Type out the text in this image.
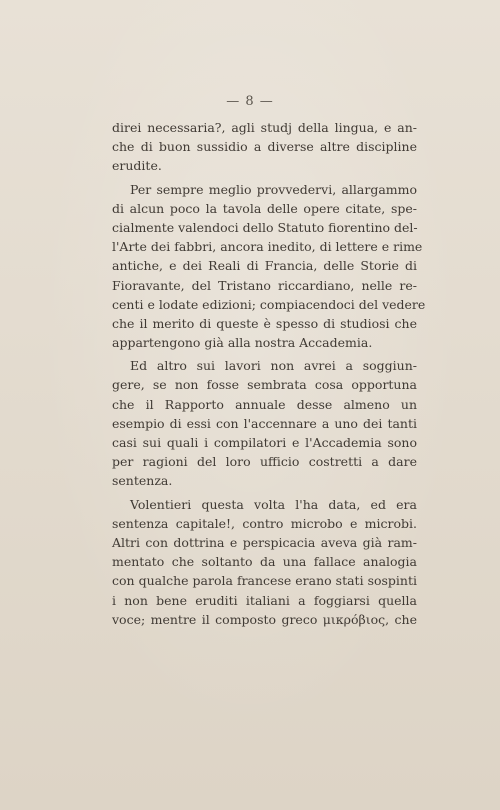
— 8 —
direi necessaria?, agli studj della lingua, e an-
che di buon sussidio a diverse altre discipline
erudite.
Per sempre meglio provvedervi, allargammo
di alcun poco la tavola delle opere citate, spe-
cialmente valendoci dello Statuto fiorentino del-
l'Arte dei fabbri, ancora inedito, di lettere e rime
antiche, e dei Reali di Francia, delle Storie di
Fioravante, del Tristano riccardiano, nelle re-
centi e lodate edizioni; compiacendoci del vedere
che il merito di queste è spesso di studiosi che
appartengono già alla nostra Accademia.
Ed altro sui lavori non avrei a soggiun-
gere, se non fosse sembrata cosa opportuna
che il Rapporto annuale desse almeno un
esempio di essi con l'accennare a uno dei tanti
casi sui quali i compilatori e l'Accademia sono
per ragioni del loro ufficio costretti a dare
sentenza.
Volentieri questa volta l'ha data, ed era
sentenza capitale!, contro microbo e microbi.
Altri con dottrina e perspicacia aveva già ram-
mentato che soltanto da una fallace analogia
con qualche parola francese erano stati sospinti
i non bene eruditi italiani a foggiarsi quella
voce; mentre il composto greco μικρόβιος, che
